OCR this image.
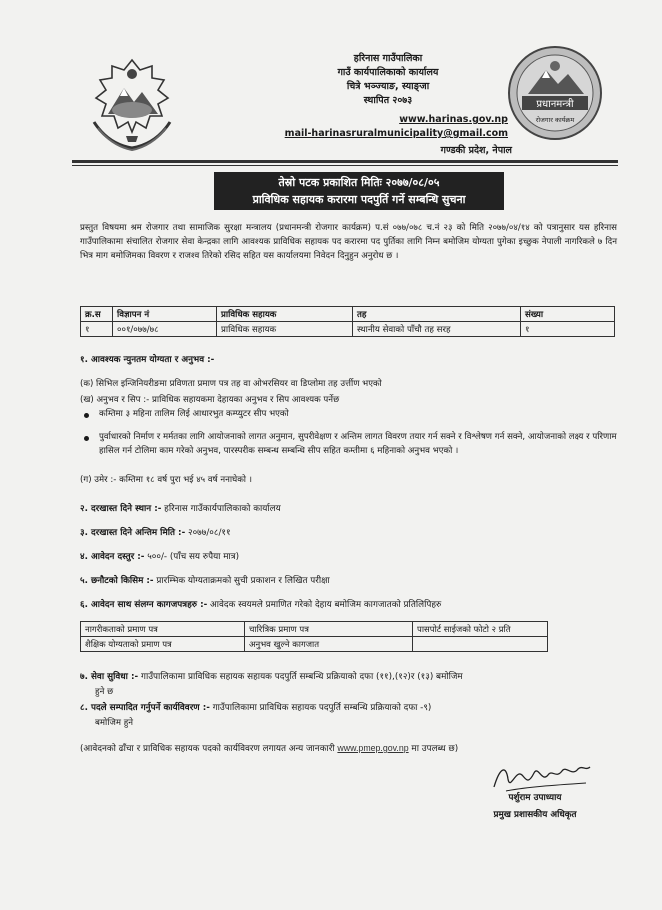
हरिनास गाउँपालिका
गाउँ कार्यपालिकाको कार्यालय
चित्रे भञ्ज्याङ, स्याङ्जा
स्थापित २०७३
www.harinas.gov.np
mail-harinasruralmunicipality@gmail.com
गण्डकी प्रदेश, नेपाल
प्रधानमन्त्री
रोजगार कार्यक्रम
तेस्रो पटक प्रकाशित मितिः २०७७/०८/०५
प्राविधिक सहायक करारमा पदपुर्ति गर्ने सम्बन्धि सुचना
प्रस्तुत विषयमा श्रम रोजगार तथा सामाजिक सुरक्षा मन्त्रालय (प्रधानमन्त्री रोजगार कार्यक्रम) प.सं ०७७/०७८ च.नं २३ को मिति २०७७/०४/१४ को पत्रानुसार यस हरिनास गाउँपालिकामा संचालित रोजगार सेवा केन्द्रका लागि आवश्यक प्राविधिक सहायक पद करारमा पद पुर्तिका लागि निम्न बमोजिम योग्यता पुगेका इच्छुक नेपाली नागरिकले ७ दिन भित्र माग बमोजिमका विवरण र राजश्व तिरेको रसिद सहित यस कार्यालयमा निवेदन दिनुहुन अनुरोध छ ।
क्र.स	विज्ञापन नं	प्राविधिक सहायक	तह	संख्या
१	००१/०७७/७८	प्राविधिक सहायक	स्थानीय सेवाको पाँचौ तह सरह	१
१. आवश्यक न्युनतम योग्यता र अनुभव :-
(क) सिभिल इन्जिनियरीङमा प्रविणता प्रमाण पत्र तह वा ओभरसियर वा डिप्लोमा तह उर्त्तीण भएको
(ख) अनुभव र सिप :- प्राविधिक सहायकमा देहायका अनुभव र सिप आवश्यक पर्नेछ
कम्तिमा ३ महिना तालिम लिई आधारभुत कम्प्युटर सीप भएको
पुर्वाधारको निर्माण र मर्मतका लागि आयोजनाको लागत अनुमान, सुपरीवेक्षण र अन्तिम लागत विवरण तयार गर्न सक्ने र विश्लेषण गर्न सक्ने, आयोजनाको लक्ष्य र परिणाम हासिल गर्न टोलिमा काम गरेको अनुभव, पारस्परीक सम्बन्ध सम्बन्धि सीप सहित कम्तीमा ६ महिनाको अनुभव भएको ।
(ग) उमेर :- कम्तिमा १८ वर्ष पुरा भई ४५ वर्ष ननाघेको ।
२. दरखास्त दिने स्थान :- हरिनास गाउँकार्यपालिकाको कार्यालय
३. दरखास्त दिने अन्तिम मिति :- २०७७/०८/११
४. आवेदन दस्तुर :- ५००/- (पाँच सय रुपैया मात्र)
५. छनौटको किसिम :- प्रारम्भिक योग्यताक्रमको सुची प्रकाशन र लिखित परीक्षा
६. आवेदन साथ संलग्न कागजपत्रहरु :- आवेदक स्वयमले प्रमाणित गरेको देहाय बमोजिम कागजातको प्रतिलिपिहरु
नागरीकताको प्रमाण पत्र	चारित्रिक प्रमाण पत्र	पासपोर्ट साईजको फोटो २ प्रति
शैक्षिक योग्यताको प्रमाण पत्र	अनुभव खुल्ने कागजात	
७. सेवा सुविधा :- गाउँपालिकामा प्राविधिक सहायक सहायक पदपुर्ति सम्बन्धि प्रक्रियाको दफा (११),(१२)र (१३) बमोजिम
हुने छ
८. पदले सम्पादित गर्नुपर्ने कार्यविवरण :- गाउँपालिकामा प्राविधिक सहायक पदपुर्ति सम्बन्धि प्रक्रियाको दफा -९)
बमोजिम हुने
(आवेदनको ढाँचा र प्राविधिक सहायक पदको कार्यविवरण लगायत अन्य जानकारी www.pmep.gov.np मा उपलब्ध छ)
पर्शुराम उपाध्याय
प्रमुख प्रशासकीय अधिकृत
